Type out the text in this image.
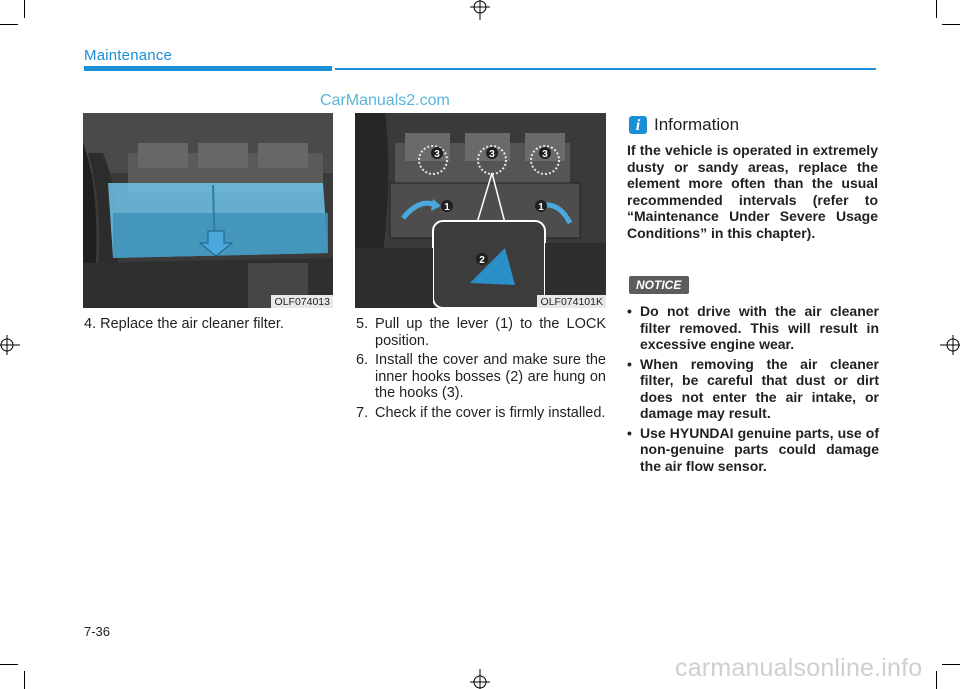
Maintenance
CarManuals2.com
OLF074013
3	3	3
1	1
2
OLF074101K
4. Replace the air cleaner filter.	5. Pull up the lever (1) to the LOCK position.
6. Install the cover and make sure the inner hooks bosses (2) are hung on the hooks (3).
7. Check if the cover is firmly installed.
i Information
If the vehicle is operated in extremely dusty or sandy areas, replace the element more often than the usual recommended intervals (refer to “Maintenance Under Severe Usage Conditions” in this chapter).
NOTICE
• Do not drive with the air cleaner filter removed. This will result in excessive engine wear.
• When removing the air cleaner filter, be careful that dust or dirt does not enter the air intake, or damage may result.
• Use HYUNDAI genuine parts, use of non-genuine parts could damage the air flow sensor.
7-36
carmanualsonline.info
